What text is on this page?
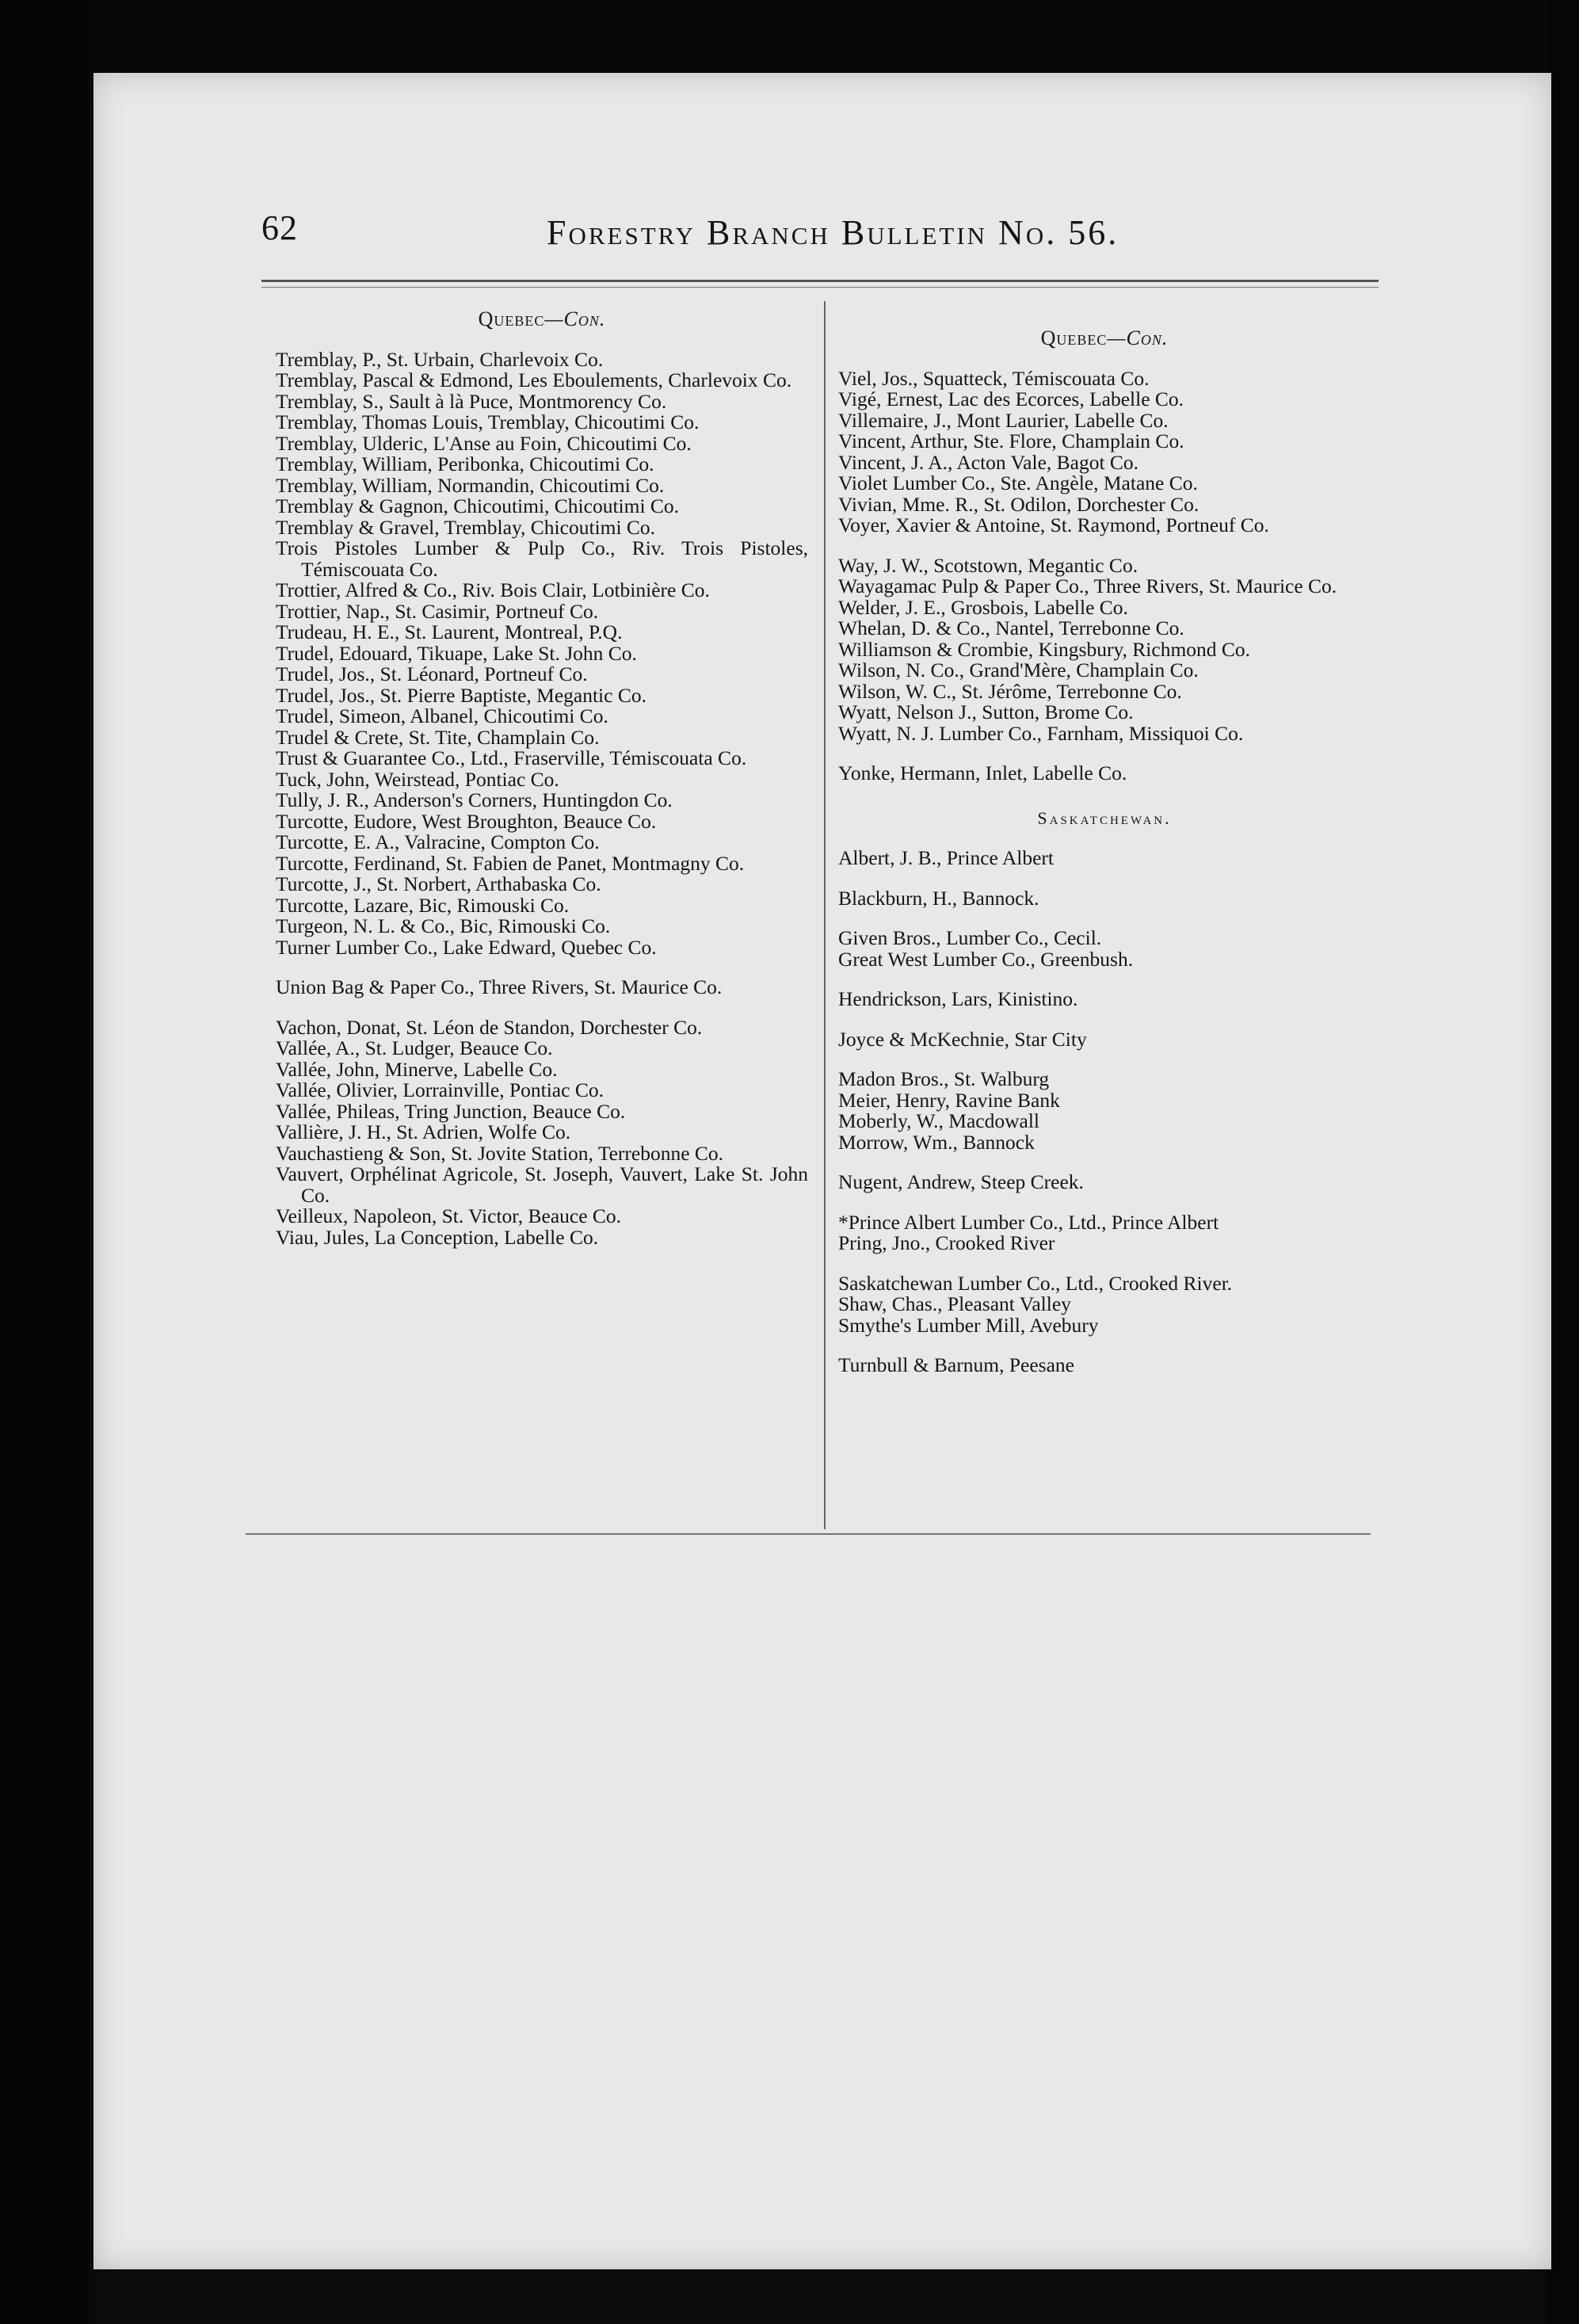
62	Forestry Branch Bulletin No. 56.
Quebec—Con.
Tremblay, P., St. Urbain, Charlevoix Co.
Tremblay, Pascal & Edmond, Les Eboulements, Charlevoix Co.
Tremblay, S., Sault à là Puce, Montmorency Co.
Tremblay, Thomas Louis, Tremblay, Chicoutimi Co.
Tremblay, Ulderic, L'Anse au Foin, Chicoutimi Co.
Tremblay, William, Peribonka, Chicoutimi Co.
Tremblay, William, Normandin, Chicoutimi Co.
Tremblay & Gagnon, Chicoutimi, Chicoutimi Co.
Tremblay & Gravel, Tremblay, Chicoutimi Co.
Trois Pistoles Lumber & Pulp Co., Riv. Trois Pistoles, Témiscouata Co.
Trottier, Alfred & Co., Riv. Bois Clair, Lotbinière Co.
Trottier, Nap., St. Casimir, Portneuf Co.
Trudeau, H. E., St. Laurent, Montreal, P.Q.
Trudel, Edouard, Tikuape, Lake St. John Co.
Trudel, Jos., St. Léonard, Portneuf Co.
Trudel, Jos., St. Pierre Baptiste, Megantic Co.
Trudel, Simeon, Albanel, Chicoutimi Co.
Trudel & Crete, St. Tite, Champlain Co.
Trust & Guarantee Co., Ltd., Fraserville, Témiscouata Co.
Tuck, John, Weirstead, Pontiac Co.
Tully, J. R., Anderson's Corners, Huntingdon Co.
Turcotte, Eudore, West Broughton, Beauce Co.
Turcotte, E. A., Valracine, Compton Co.
Turcotte, Ferdinand, St. Fabien de Panet, Montmagny Co.
Turcotte, J., St. Norbert, Arthabaska Co.
Turcotte, Lazare, Bic, Rimouski Co.
Turgeon, N. L. & Co., Bic, Rimouski Co.
Turner Lumber Co., Lake Edward, Quebec Co.
Union Bag & Paper Co., Three Rivers, St. Maurice Co.
Vachon, Donat, St. Léon de Standon, Dorchester Co.
Vallée, A., St. Ludger, Beauce Co.
Vallée, John, Minerve, Labelle Co.
Vallée, Olivier, Lorrainville, Pontiac Co.
Vallée, Phileas, Tring Junction, Beauce Co.
Vallière, J. H., St. Adrien, Wolfe Co.
Vauchastieng & Son, St. Jovite Station, Terrebonne Co.
Vauvert, Orphélinat Agricole, St. Joseph, Vauvert, Lake St. John Co.
Veilleux, Napoleon, St. Victor, Beauce Co.
Viau, Jules, La Conception, Labelle Co.
Quebec—Con.
Viel, Jos., Squatteck, Témiscouata Co.
Vigé, Ernest, Lac des Ecorces, Labelle Co.
Villemaire, J., Mont Laurier, Labelle Co.
Vincent, Arthur, Ste. Flore, Champlain Co.
Vincent, J. A., Acton Vale, Bagot Co.
Violet Lumber Co., Ste. Angèle, Matane Co.
Vivian, Mme. R., St. Odilon, Dorchester Co.
Voyer, Xavier & Antoine, St. Raymond, Portneuf Co.
Way, J. W., Scotstown, Megantic Co.
Wayagamac Pulp & Paper Co., Three Rivers, St. Maurice Co.
Welder, J. E., Grosbois, Labelle Co.
Whelan, D. & Co., Nantel, Terrebonne Co.
Williamson & Crombie, Kingsbury, Richmond Co.
Wilson, N. Co., Grand'Mère, Champlain Co.
Wilson, W. C., St. Jérôme, Terrebonne Co.
Wyatt, Nelson J., Sutton, Brome Co.
Wyatt, N. J. Lumber Co., Farnham, Missiquoi Co.
Yonke, Hermann, Inlet, Labelle Co.
Saskatchewan.
Albert, J. B., Prince Albert
Blackburn, H., Bannock.
Given Bros., Lumber Co., Cecil.
Great West Lumber Co., Greenbush.
Hendrickson, Lars, Kinistino.
Joyce & McKechnie, Star City
Madon Bros., St. Walburg
Meier, Henry, Ravine Bank
Moberly, W., Macdowall
Morrow, Wm., Bannock
Nugent, Andrew, Steep Creek.
*Prince Albert Lumber Co., Ltd., Prince Albert
Pring, Jno., Crooked River
Saskatchewan Lumber Co., Ltd., Crooked River.
Shaw, Chas., Pleasant Valley
Smythe's Lumber Mill, Avebury
Turnbull & Barnum, Peesane
